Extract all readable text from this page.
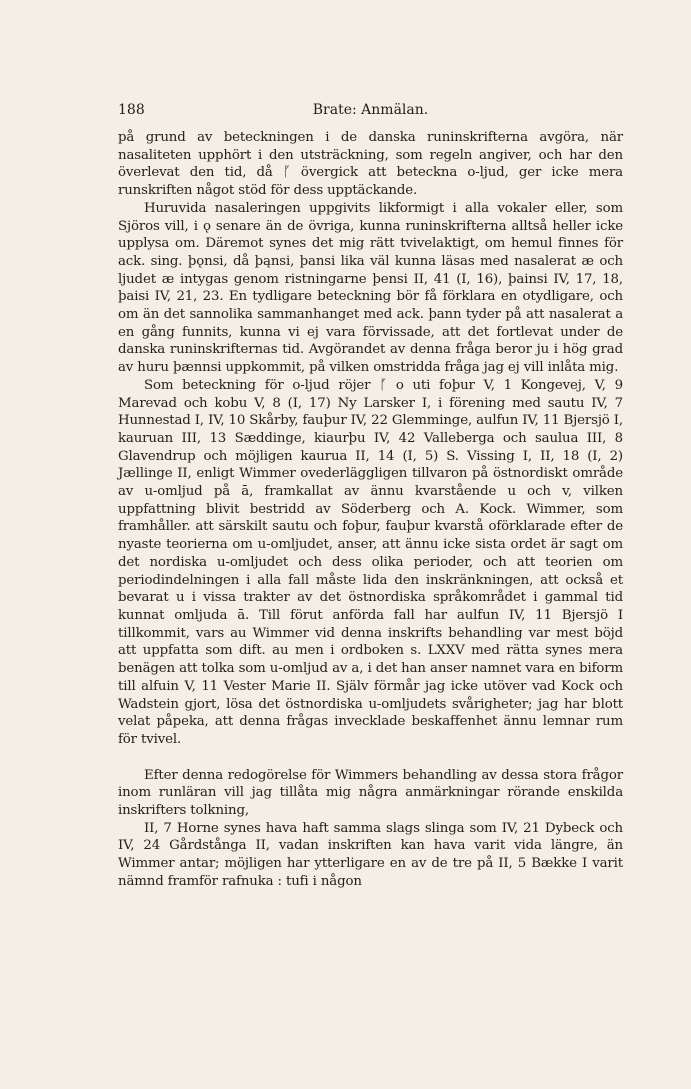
188	Brate: Anmälan.

på grund av beteckningen i de danska runinskrifterna avgöra, när nasaliteten upphört i den utsträckning, som regeln angiver, och har den överlevat den tid, då ᚵ övergick att beteckna o-ljud, ger icke mera runskriften något stöd för dess upptäckande.

Huruvida nasaleringen uppgivits likformigt i alla vokaler eller, som Sjöros vill, i ǫ senare än de övriga, kunna runinskrifterna alltså heller icke upplysa om. Däremot synes det mig rätt tvivelaktigt, om hemul finnes för ack. sing. þǫnsi, då þąnsi, þansi lika väl kunna läsas med nasalerat æ och ljudet æ intygas genom ristningarne þensi II, 41 (I, 16), þainsi IV, 17, 18, þaisi IV, 21, 23. En tydligare beteckning bör få förklara en otydligare, och om än det sannolika sammanhanget med ack. þann tyder på att nasalerat a en gång funnits, kunna vi ej vara förvissade, att det fortlevat under de danska runinskrifternas tid. Avgörandet av denna fråga beror ju i hög grad av huru þænnsi uppkommit, på vilken omstridda fråga jag ej vill inlåta mig.

Som beteckning för o-ljud röjer ᚵ o uti foþur V, 1 Kongevej, V, 9 Marevad och kobu V, 8 (I, 17) Ny Larsker I, i förening med sautu IV, 7 Hunnestad I, IV, 10 Skårby, fauþur IV, 22 Glemminge, aulfun IV, 11 Bjersjö I, kauruan III, 13 Sæddinge, kiaurþu IV, 42 Valleberga och saulua III, 8 Glavendrup och möjligen kaurua II, 14 (I, 5) S. Vissing I, II, 18 (I, 2) Jællinge II, enligt Wimmer ovederläggligen tillvaron på östnordiskt område av u-omljud på ā, framkallat av ännu kvarstående u och v, vilken uppfattning blivit bestridd av Söderberg och A. Kock. Wimmer, som framhåller. att särskilt sautu och foþur, fauþur kvarstå oförklarade efter de nyaste teorierna om u-omljudet, anser, att ännu icke sista ordet är sagt om det nordiska u-omljudet och dess olika perioder, och att teorien om periodindelningen i alla fall måste lida den inskränkningen, att också et bevarat u i vissa trakter av det östnordiska språkområdet i gammal tid kunnat omljuda ā. Till förut anförda fall har aulfun IV, 11 Bjersjö I tillkommit, vars au Wimmer vid denna inskrifts behandling var mest böjd att uppfatta som dift. au men i ordboken s. LXXV med rätta synes mera benägen att tolka som u-omljud av a, i det han anser namnet vara en biform till alfuin V, 11 Vester Marie II. Själv förmår jag icke utöver vad Kock och Wadstein gjort, lösa det östnordiska u-omljudets svårigheter; jag har blott velat påpeka, att denna frågas invecklade beskaffenhet ännu lemnar rum för tvivel.

Efter denna redogörelse för Wimmers behandling av dessa stora frågor inom runläran vill jag tillåta mig några anmärkningar rörande enskilda inskrifters tolkning,

II, 7 Horne synes hava haft samma slags slinga som IV, 21 Dybeck och IV, 24 Gårdstånga II, vadan inskriften kan hava varit vida längre, än Wimmer antar; möjligen har ytterligare en av de tre på II, 5 Bække I varit nämnd framför rafnuka : tufi i någon
